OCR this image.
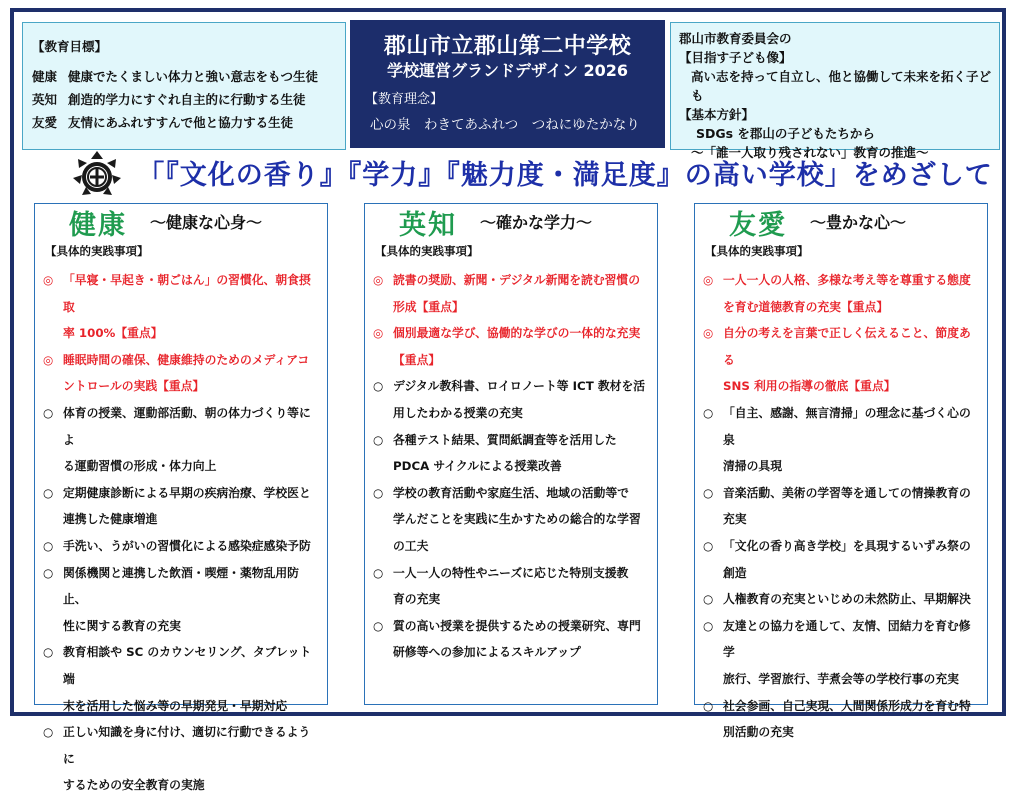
【教育目標】
健康 健康でたくましい体力と強い意志をもつ生徒
英知 創造的学力にすぐれ自主的に行動する生徒
友愛 友情にあふれすすんで他と協力する生徒
郡山市立郡山第二中学校
学校運営グランドデザイン 2026
【教育理念】
心の泉　わきてあふれつ　つねにゆたかなり
郡山市教育委員会の
【目指す子ども像】
高い志を持って自立し、他と協働して未来を拓く子ども
【基本方針】
SDGs を郡山の子どもたちから
～「誰一人取り残されない」教育の推進～
「『文化の香り』『学力』『魅力度・満足度』の高い学校」をめざして
健康 ～健康な心身～
【具体的実践事項】
◎ 「早寝・早起き・朝ごはん」の習慣化、朝食摂取
率 100%【重点】
◎ 睡眠時間の確保、健康維持のためのメディアコ
ントロールの実践【重点】
○ 体育の授業、運動部活動、朝の体力づくり等によ
る運動習慣の形成・体力向上
○ 定期健康診断による早期の疾病治療、学校医と
連携した健康増進
○ 手洗い、うがいの習慣化による感染症感染予防
○ 関係機関と連携した飲酒・喫煙・薬物乱用防止、
性に関する教育の充実
○ 教育相談や SC のカウンセリング、タブレット端
末を活用した悩み等の早期発見・早期対応
○ 正しい知識を身に付け、適切に行動できるように
するための安全教育の実施
英知 ～確かな学力～
【具体的実践事項】
◎ 読書の奨励、新聞・デジタル新聞を読む習慣の
形成【重点】
◎ 個別最適な学び、協働的な学びの一体的な充実
【重点】
○ デジタル教科書、ロイロノート等 ICT 教材を活
用したわかる授業の充実
○ 各種テスト結果、質問紙調査等を活用した
PDCA サイクルによる授業改善
○ 学校の教育活動や家庭生活、地域の活動等で
学んだことを実践に生かすための総合的な学習
の工夫
○ 一人一人の特性やニーズに応じた特別支援教
育の充実
○ 質の高い授業を提供するための授業研究、専門
研修等への参加によるスキルアップ
友愛 ～豊かな心～
【具体的実践事項】
◎ 一人一人の人格、多様な考え等を尊重する態度
を育む道徳教育の充実【重点】
◎ 自分の考えを言葉で正しく伝えること、節度ある
SNS 利用の指導の徹底【重点】
○ 「自主、感謝、無言清掃」の理念に基づく心の泉
清掃の具現
○ 音楽活動、美術の学習等を通しての情操教育の
充実
○ 「文化の香り高き学校」を具現するいずみ祭の
創造
○ 人権教育の充実といじめの未然防止、早期解決
○ 友達との協力を通して、友情、団結力を育む修学
旅行、学習旅行、芋煮会等の学校行事の充実
○ 社会参画、自己実現、人間関係形成力を育む特
別活動の充実
